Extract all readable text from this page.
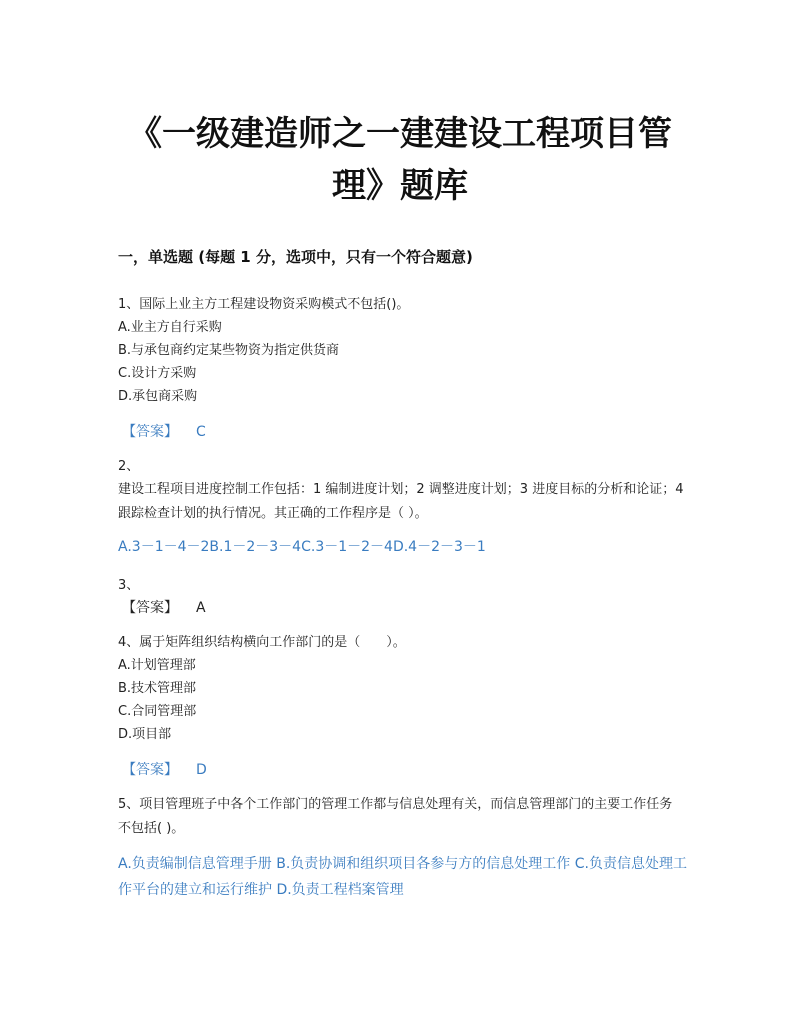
《一级建造师之一建建设工程项目管
理》题库
一，单选题 (每题 1 分，选项中，只有一个符合题意)
1、国际上业主方工程建设物资采购模式不包括()。
A.业主方自行采购
B.与承包商约定某些物资为指定供货商
C.设计方采购
D.承包商采购
【答案】 C
2、
建设工程项目进度控制工作包括：1 编制进度计划；2 调整进度计划；3 进度目标的分析和论证；4 跟踪检查计划的执行情况。其正确的工作程序是（ ）。
A.3－1－4－2B.1－2－3－4C.3－1－2－4D.4－2－3－1
3、
【答案】 A
4、属于矩阵组织结构横向工作部门的是（　　）。
A.计划管理部
B.技术管理部
C.合同管理部
D.项目部
【答案】 D
5、项目管理班子中各个工作部门的管理工作都与信息处理有关，而信息管理部门的主要工作任务不包括( )。
A.负责编制信息管理手册 B.负责协调和组织项目各参与方的信息处理工作 C.负责信息处理工作平台的建立和运行维护 D.负责工程档案管理
